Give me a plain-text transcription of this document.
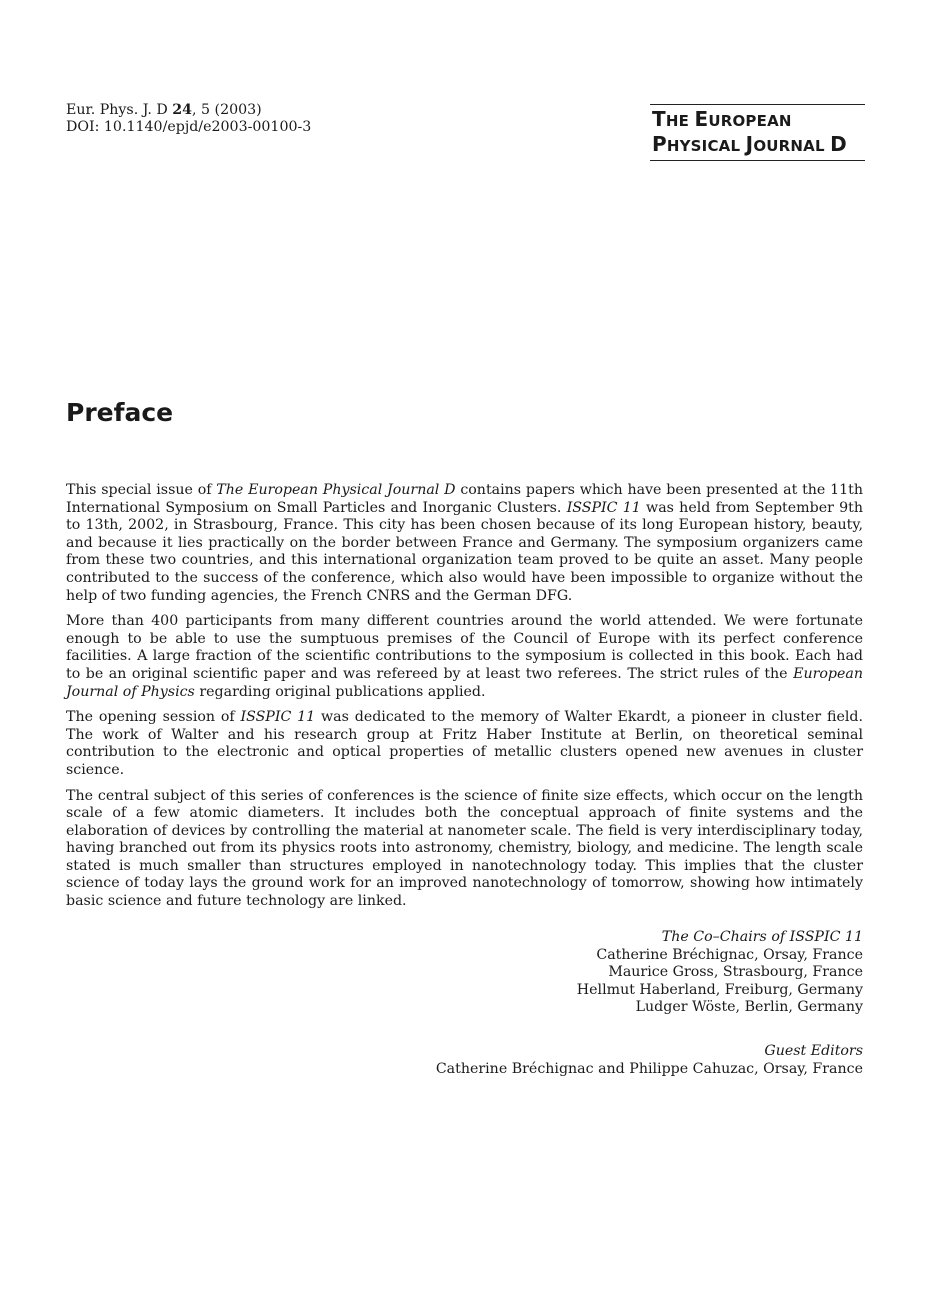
Eur. Phys. J. D 24, 5 (2003)
DOI: 10.1140/epjd/e2003-00100-3	THE EUROPEAN
PHYSICAL JOURNAL D
Preface

This special issue of The European Physical Journal D contains papers which have been presented at the 11th International Symposium on Small Particles and Inorganic Clusters. ISSPIC 11 was held from September 9th to 13th, 2002, in Strasbourg, France. This city has been chosen because of its long European history, beauty, and because it lies practically on the border between France and Germany. The symposium organizers came from these two countries, and this international organization team proved to be quite an asset. Many people contributed to the success of the conference, which also would have been impossible to organize without the help of two funding agencies, the French CNRS and the German DFG.

More than 400 participants from many different countries around the world attended. We were fortunate enough to be able to use the sumptuous premises of the Council of Europe with its perfect conference facilities. A large fraction of the scientific contributions to the symposium is collected in this book. Each had to be an original scientific paper and was refereed by at least two referees. The strict rules of the European Journal of Physics regarding original publications applied.

The opening session of ISSPIC 11 was dedicated to the memory of Walter Ekardt, a pioneer in cluster field. The work of Walter and his research group at Fritz Haber Institute at Berlin, on theoretical seminal contribution to the electronic and optical properties of metallic clusters opened new avenues in cluster science.

The central subject of this series of conferences is the science of finite size effects, which occur on the length scale of a few atomic diameters. It includes both the conceptual approach of finite systems and the elaboration of devices by controlling the material at nanometer scale. The field is very interdisciplinary today, having branched out from its physics roots into astronomy, chemistry, biology, and medicine. The length scale stated is much smaller than structures employed in nanotechnology today. This implies that the cluster science of today lays the ground work for an improved nanotechnology of tomorrow, showing how intimately basic science and future technology are linked.

The Co–Chairs of ISSPIC 11
Catherine Bréchignac, Orsay, France
Maurice Gross, Strasbourg, France
Hellmut Haberland, Freiburg, Germany
Ludger Wöste, Berlin, Germany
Guest Editors
Catherine Bréchignac and Philippe Cahuzac, Orsay, France
